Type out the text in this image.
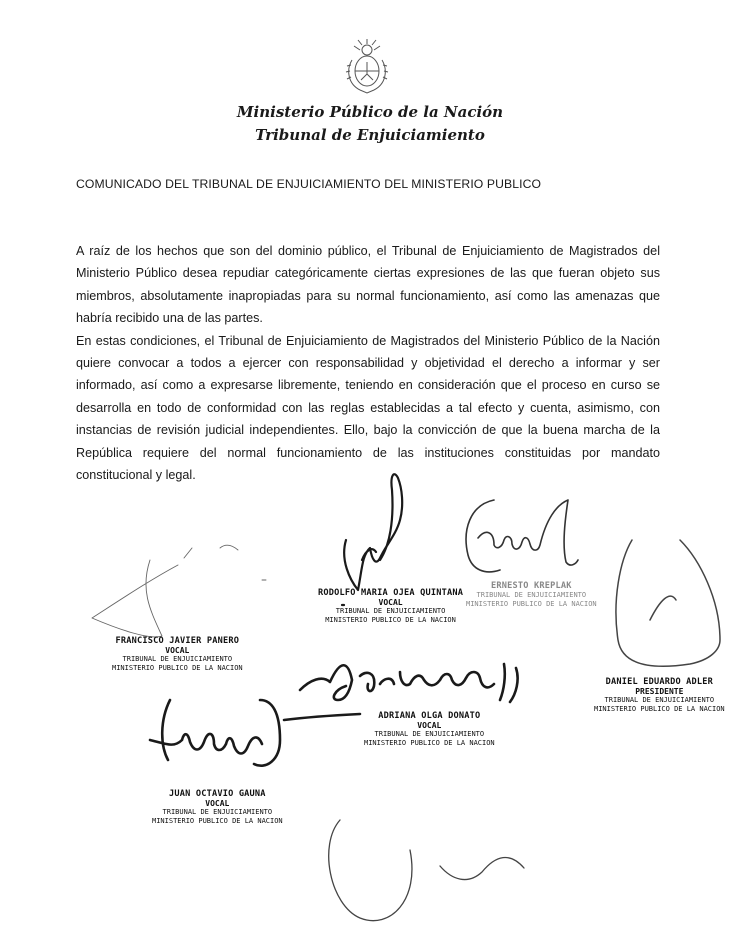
Ministerio Público de la Nación

Tribunal de Enjuiciamiento

COMUNICADO DEL TRIBUNAL DE ENJUICIAMIENTO DEL MINISTERIO PUBLICO

A raíz de los hechos que son del dominio público, el Tribunal de Enjuiciamiento de Magistrados del Ministerio Público desea repudiar categóricamente ciertas expresiones de las que fueran objeto sus miembros, absolutamente inapropiadas para su normal funcionamiento, así como las amenazas que habría recibido una de las partes.

En estas condiciones, el Tribunal de Enjuiciamiento de Magistrados del Ministerio Público de la Nación quiere convocar a todos a ejercer con responsabilidad y objetividad el derecho a informar y ser informado, así como a expresarse libremente, teniendo en consideración que el proceso en curso se desarrolla en todo de conformidad con las reglas establecidas a tal efecto y cuenta, asimismo, con instancias de revisión judicial independientes. Ello, bajo la convicción de que la buena marcha de la República requiere del normal funcionamiento de las instituciones constituidas por mandato constitucional y legal.

FRANCISCO JAVIER PANERO
VOCAL
TRIBUNAL DE ENJUICIAMIENTO
MINISTERIO PUBLICO DE LA NACION
RODOLFO MARIA OJEA QUINTANA
VOCAL
TRIBUNAL DE ENJUICIAMIENTO
MINISTERIO PUBLICO DE LA NACION
ERNESTO KREPLAK
TRIBUNAL DE ENJUICIAMIENTO
MINISTERIO PUBLICO DE LA NACION
DANIEL EDUARDO ADLER
PRESIDENTE
TRIBUNAL DE ENJUICIAMIENTO
MINISTERIO PUBLICO DE LA NACION
ADRIANA OLGA DONATO
VOCAL
TRIBUNAL DE ENJUICIAMIENTO
MINISTERIO PUBLICO DE LA NACION
JUAN OCTAVIO GAUNA
VOCAL
TRIBUNAL DE ENJUICIAMIENTO
MINISTERIO PUBLICO DE LA NACION
